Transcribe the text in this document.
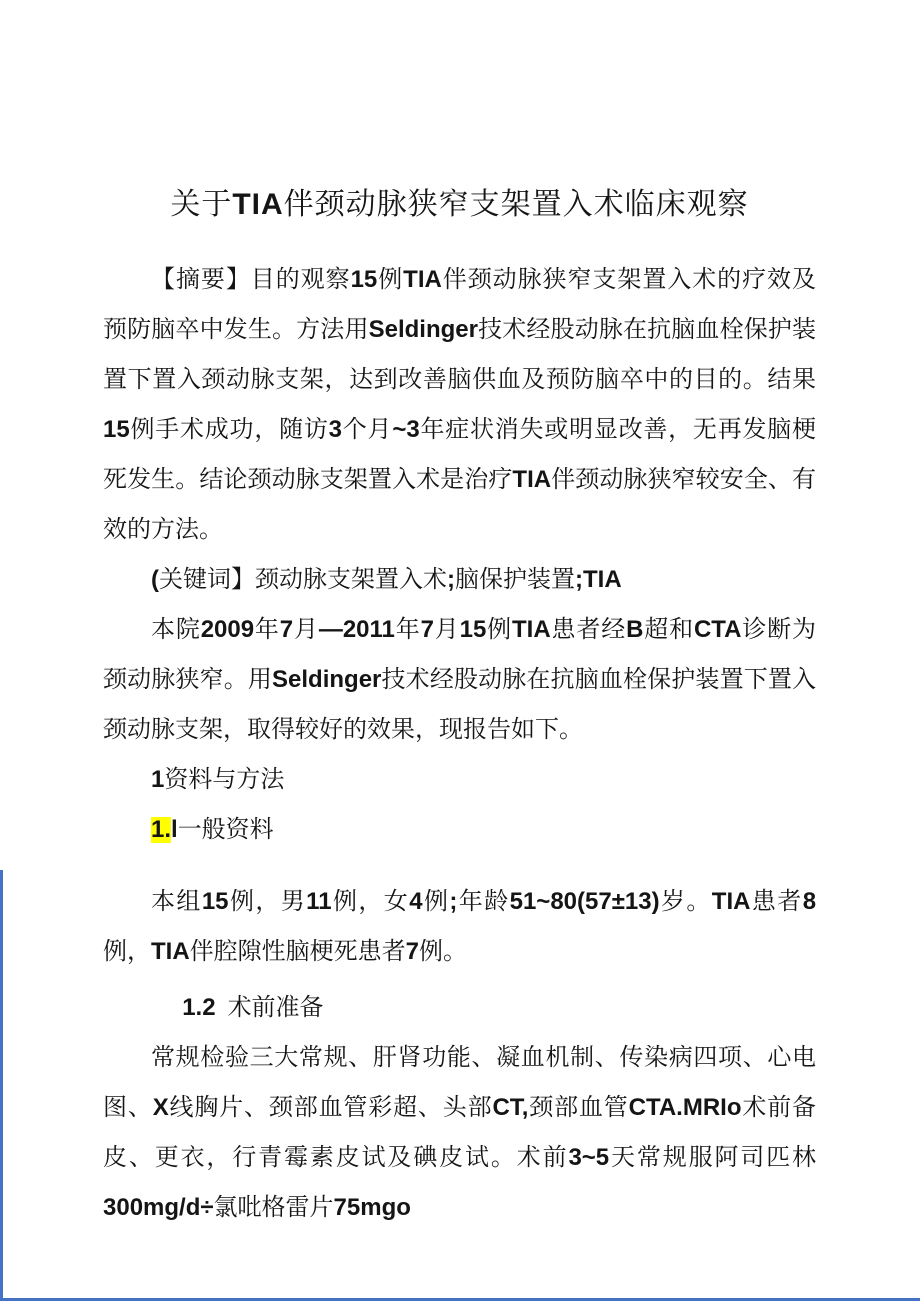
关于TIA伴颈动脉狭窄支架置入术临床观察

【摘要】目的观察15例TIA伴颈动脉狭窄支架置入术的疗效及预防脑卒中发生。方法用Seldinger技术经股动脉在抗脑血栓保护装置下置入颈动脉支架，达到改善脑供血及预防脑卒中的目的。结果15例手术成功，随访3个月~3年症状消失或明显改善，无再发脑梗死发生。结论颈动脉支架置入术是治疗TIA伴颈动脉狭窄较安全、有效的方法。

(关键词】颈动脉支架置入术;脑保护装置;TIA

本院2009年7月—2011年7月15例TIA患者经B超和CTA诊断为颈动脉狭窄。用Seldinger技术经股动脉在抗脑血栓保护装置下置入颈动脉支架，取得较好的效果，现报告如下。

1资料与方法

1.l一般资料

本组15例，男11例，女4例;年龄51~80(57±13)岁。TIA患者8例，TIA伴腔隙性脑梗死患者7例。

1.2  术前准备

常规检验三大常规、肝肾功能、凝血机制、传染病四项、心电图、X线胸片、颈部血管彩超、头部CT,颈部血管CTA.MRIo术前备皮、更衣，行青霉素皮试及碘皮试。术前3~5天常规服阿司匹林300mg/d÷氯吡格雷片75mgo
